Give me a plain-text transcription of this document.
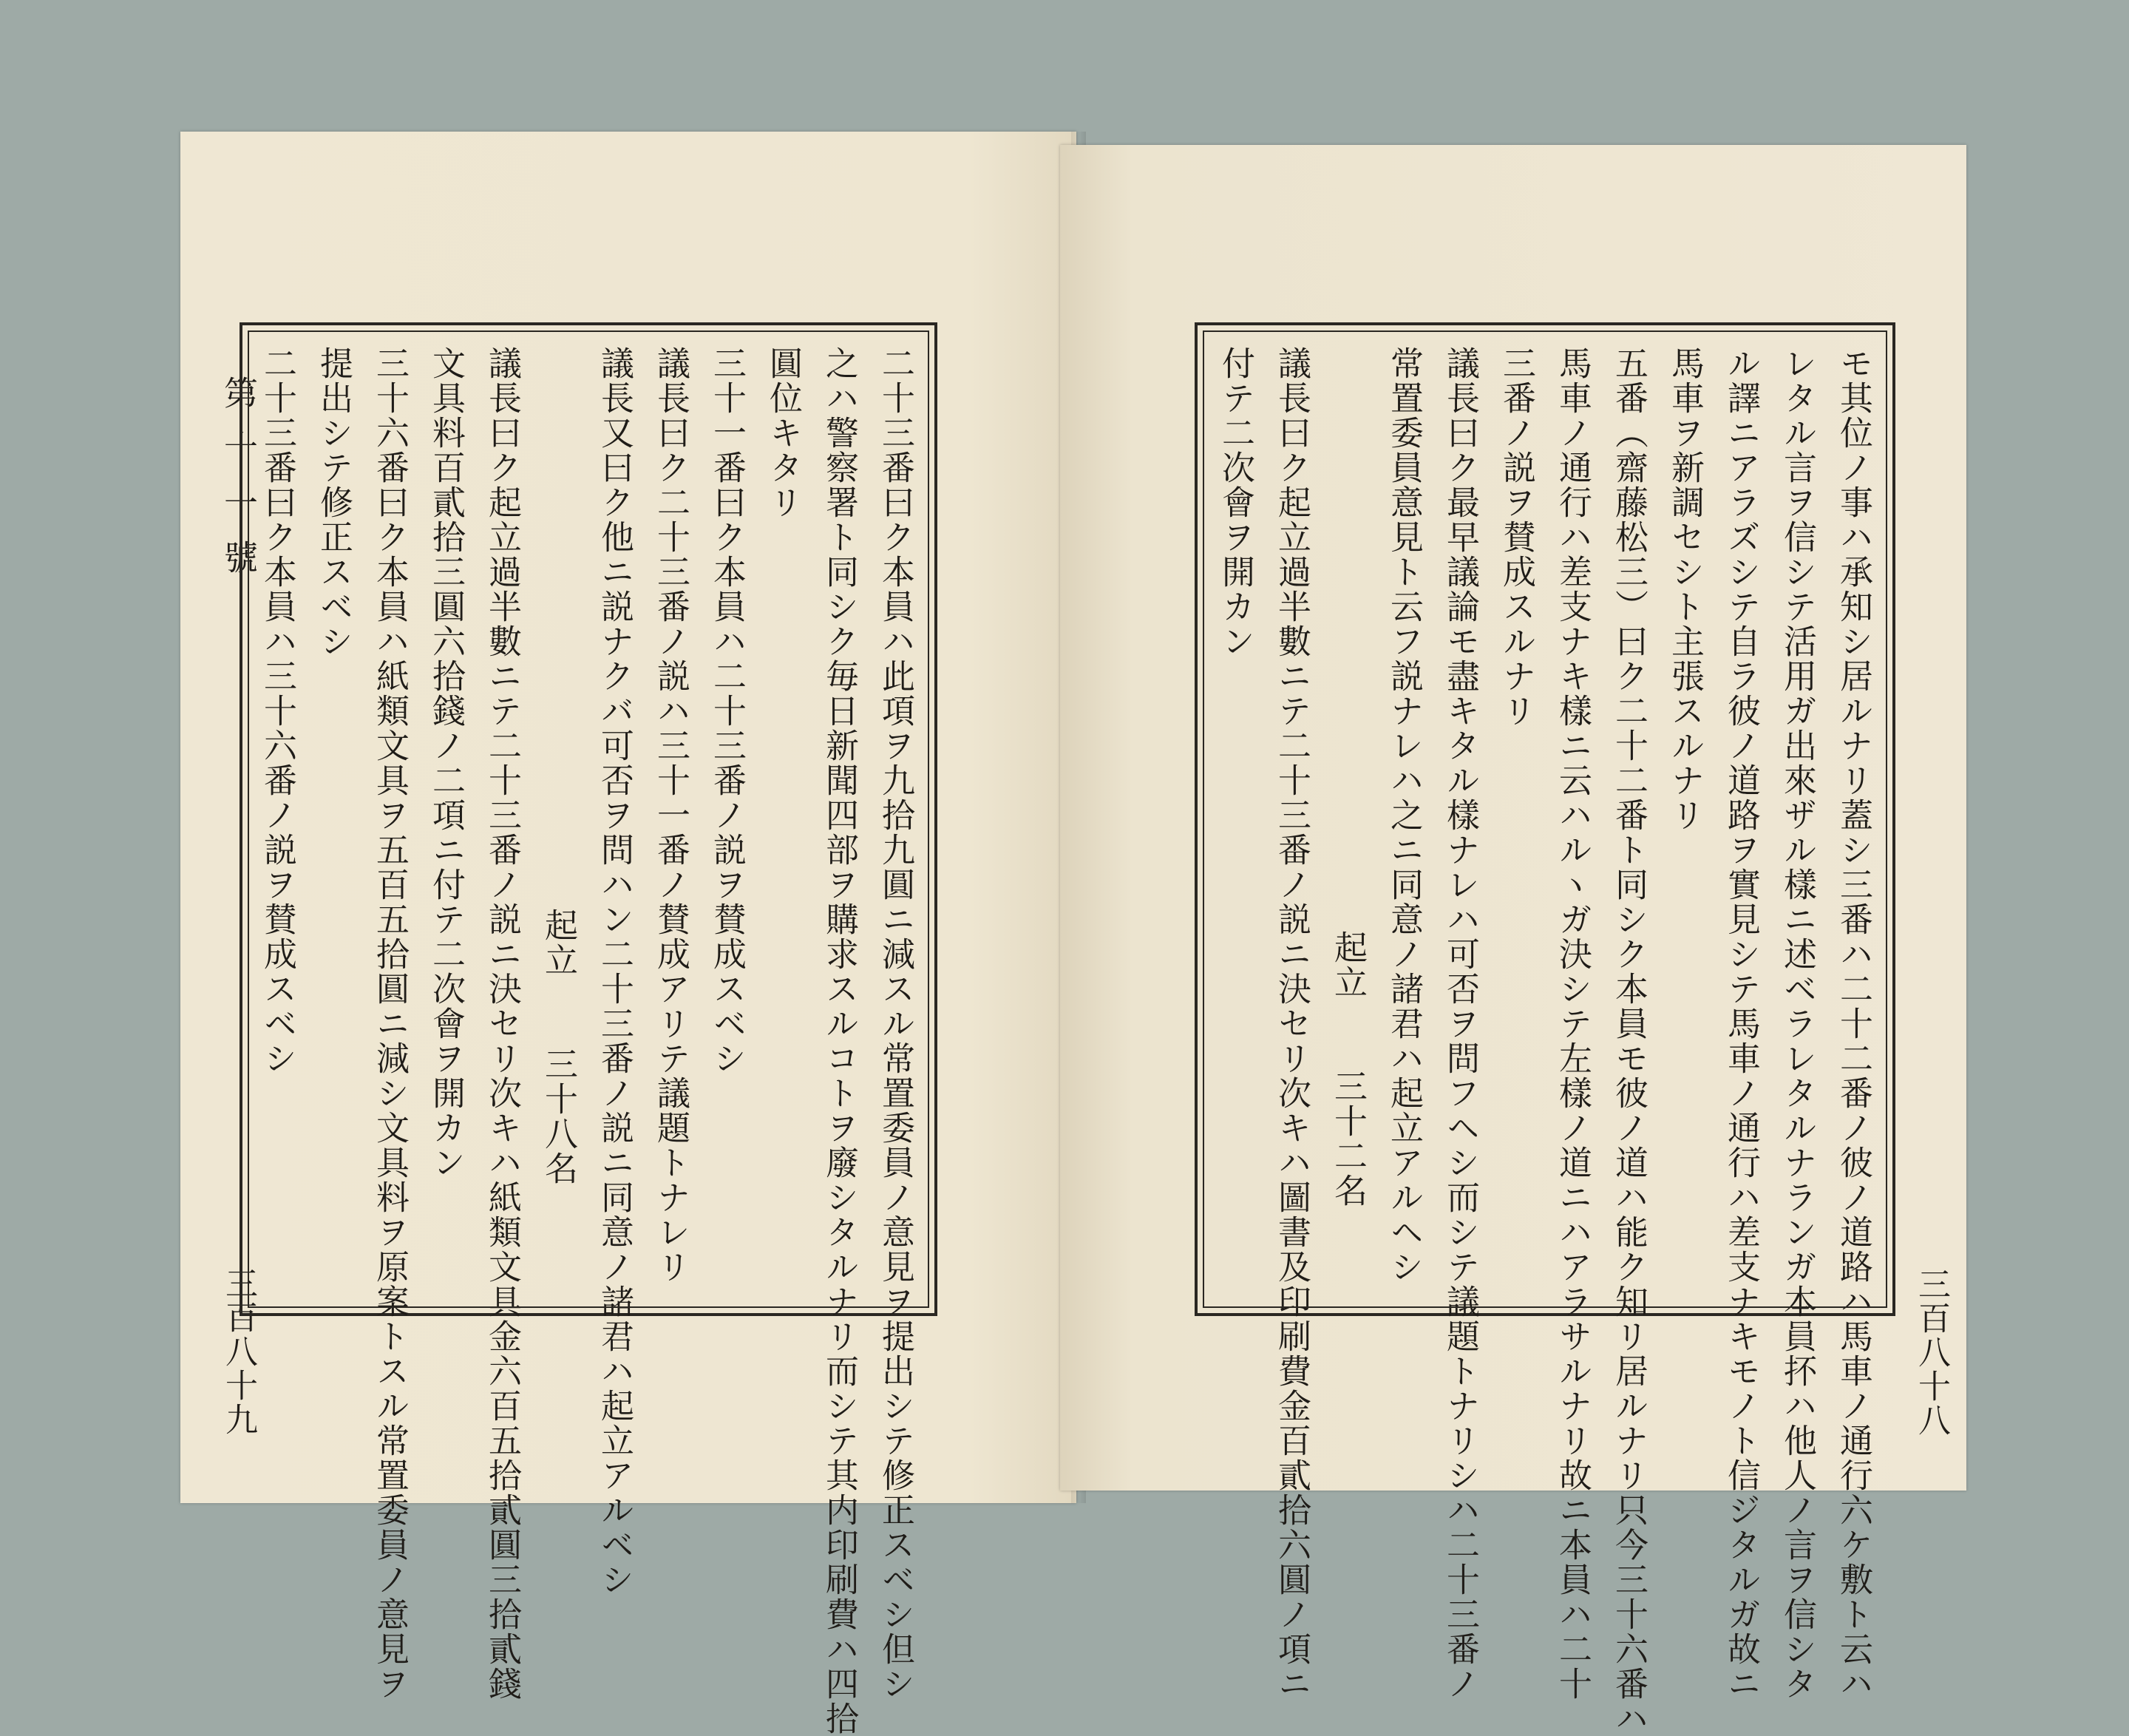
第十一號
三百八十九	二十三番曰ク本員ハ此項ヲ九拾九圓ニ減スル常置委員ノ意見ヲ提出シテ修正スベシ但シ
之ハ警察署ト同シク毎日新聞四部ヲ購求スルコトヲ廢シタルナリ而シテ其内印刷費ハ四拾
圓位キタリ
三十一番曰ク本員ハ二十三番ノ説ヲ賛成スベシ
議長曰ク二十三番ノ説ハ三十一番ノ賛成アリテ議題トナレリ
議長又曰ク他ニ説ナクバ可否ヲ問ハン二十三番ノ説ニ同意ノ諸君ハ起立アルベシ
起立　　三十八名
議長曰ク起立過半數ニテ二十三番ノ説ニ決セリ次キハ紙類文具金六百五拾貳圓三拾貳錢
文具料百貳拾三圓六拾錢ノ二項ニ付テ二次會ヲ開カン
三十六番曰ク本員ハ紙類文具ヲ五百五拾圓ニ減シ文具料ヲ原案トスル常置委員ノ意見ヲ
提出シテ修正スベシ
二十三番曰ク本員ハ三十六番ノ説ヲ賛成スベシ
三百八十八
モ其位ノ事ハ承知シ居ルナリ蓋シ三番ハ二十二番ノ彼ノ道路ハ馬車ノ通行六ケ敷ト云ハ
レタル言ヲ信シテ活用ガ出來ザル樣ニ述ベラレタルナランガ本員抔ハ他人ノ言ヲ信シタ
ル譯ニアラズシテ自ラ彼ノ道路ヲ實見シテ馬車ノ通行ハ差支ナキモノト信ジタルガ故ニ
馬車ヲ新調セシト主張スルナリ
五番（齋藤松三）曰ク二十二番ト同シク本員モ彼ノ道ハ能ク知リ居ルナリ只今三十六番ハ
馬車ノ通行ハ差支ナキ樣ニ云ハルヽガ決シテ左樣ノ道ニハアラサルナリ故ニ本員ハ二十
三番ノ説ヲ賛成スルナリ
議長曰ク最早議論モ盡キタル樣ナレハ可否ヲ問フヘシ而シテ議題トナリシハ二十三番ノ
常置委員意見ト云フ説ナレハ之ニ同意ノ諸君ハ起立アルヘシ
起立　　三十二名
議長曰ク起立過半數ニテ二十三番ノ説ニ決セリ次キハ圖書及印刷費金百貳拾六圓ノ項ニ
付テ二次會ヲ開カン
